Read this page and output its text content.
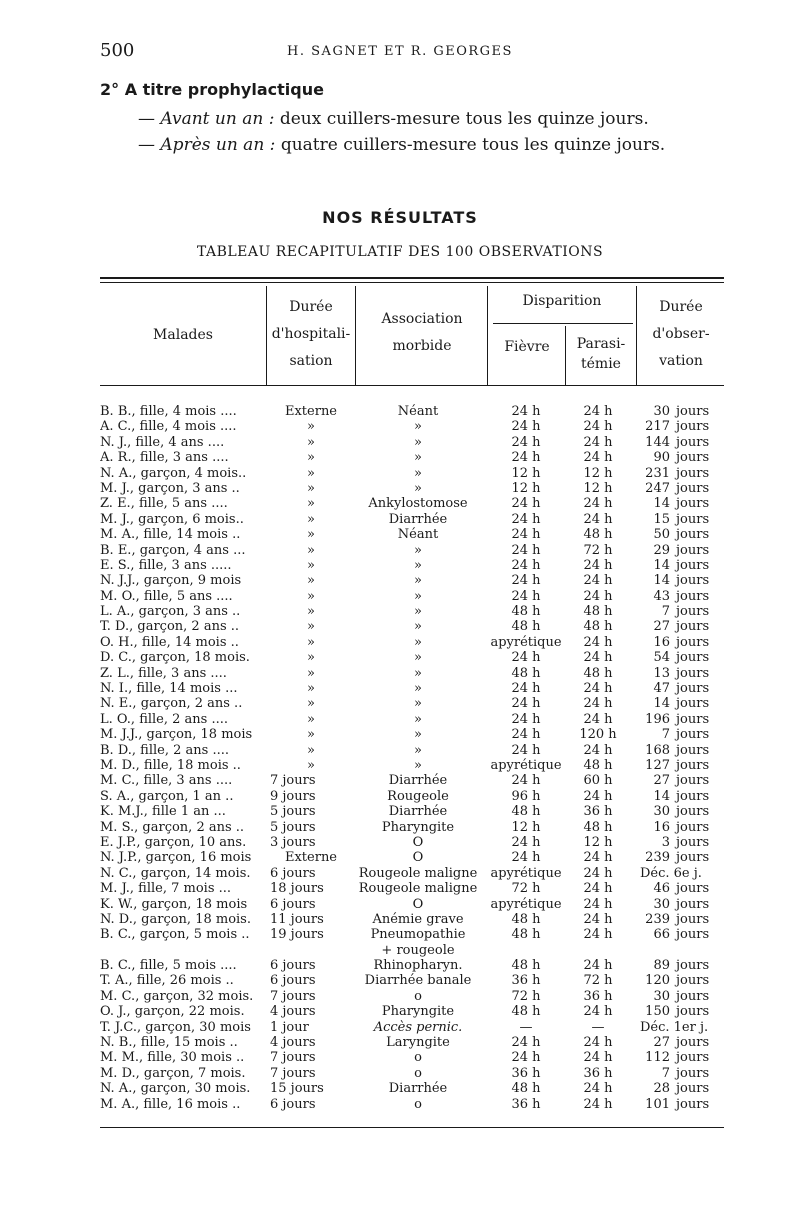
500	H. SAGNET ET R. GEORGES
2° A titre prophylactique
— Avant un an : deux cuillers-mesure tous les quinze jours.
— Après un an : quatre cuillers-mesure tous les quinze jours.
NOS RÉSULTATS
TABLEAU RECAPITULATIF DES 100 OBSERVATIONS
Malades
Durée
d'hospitali-
sation
Association
morbide
Disparition
Fièvre	Parasi-
témie
Durée
d'obser-
vation
B. B., fille, 4 mois ....	Externe	Néant	24 h	24 h	30 jours
A. C., fille, 4 mois ....	»	»	24 h	24 h	217 jours
N. J., fille, 4 ans ....	»	»	24 h	24 h	144 jours
A. R., fille, 3 ans ....	»	»	24 h	24 h	90 jours
N. A., garçon, 4 mois..	»	»	12 h	12 h	231 jours
M. J., garçon, 3 ans ..	»	»	12 h	12 h	247 jours
Z. E., fille, 5 ans ....	»	Ankylostomose	24 h	24 h	14 jours
M. J., garçon, 6 mois..	»	Diarrhée	24 h	24 h	15 jours
M. A., fille, 14 mois ..	»	Néant	24 h	48 h	50 jours
B. E., garçon, 4 ans ...	»	»	24 h	72 h	29 jours
E. S., fille, 3 ans .....	»	»	24 h	24 h	14 jours
N. J.J., garçon, 9 mois	»	»	24 h	24 h	14 jours
M. O., fille, 5 ans ....	»	»	24 h	24 h	43 jours
L. A., garçon, 3 ans ..	»	»	48 h	48 h	7 jours
T. D., garçon, 2 ans ..	»	»	48 h	48 h	27 jours
O. H., fille, 14 mois ..	»	»	apyrétique	24 h	16 jours
D. C., garçon, 18 mois.	»	»	24 h	24 h	54 jours
Z. L., fille, 3 ans ....	»	»	48 h	48 h	13 jours
N. I., fille, 14 mois ...	»	»	24 h	24 h	47 jours
N. E., garçon, 2 ans ..	»	»	24 h	24 h	14 jours
L. O., fille, 2 ans ....	»	»	24 h	24 h	196 jours
M. J.J., garçon, 18 mois	»	»	24 h	120 h	7 jours
B. D., fille, 2 ans ....	»	»	24 h	24 h	168 jours
M. D., fille, 18 mois ..	»	»	apyrétique	48 h	127 jours
M. C., fille, 3 ans ....	7 jours	Diarrhée	24 h	60 h	27 jours
S. A., garçon, 1 an ..	9 jours	Rougeole	96 h	24 h	14 jours
K. M.J., fille 1 an ...	5 jours	Diarrhée	48 h	36 h	30 jours
M. S., garçon, 2 ans ..	5 jours	Pharyngite	12 h	48 h	16 jours
E. J.P., garçon, 10 ans.	3 jours	O	24 h	12 h	3 jours
N. J.P., garçon, 16 mois	Externe	O	24 h	24 h	239 jours
N. C., garçon, 14 mois.	6 jours	Rougeole maligne	apyrétique	24 h	Déc. 6e j.
M. J., fille, 7 mois ...	18 jours	Rougeole maligne	72 h	24 h	46 jours
K. W., garçon, 18 mois	6 jours	O	apyrétique	24 h	30 jours
N. D., garçon, 18 mois.	11 jours	Anémie grave	48 h	24 h	239 jours
B. C., garçon, 5 mois ..	19 jours	Pneumopathie	48 h	24 h	66 jours
+ rougeole
B. C., fille, 5 mois ....	6 jours	Rhinopharyn.	48 h	24 h	89 jours
T. A., fille, 26 mois ..	6 jours	Diarrhée banale	36 h	72 h	120 jours
M. C., garçon, 32 mois.	7 jours	o	72 h	36 h	30 jours
O. J., garçon, 22 mois.	4 jours	Pharyngite	48 h	24 h	150 jours
T. J.C., garçon, 30 mois	1 jour	Accès pernic.	—	—	Déc. 1er j.
N. B., fille, 15 mois ..	4 jours	Laryngite	24 h	24 h	27 jours
M. M., fille, 30 mois ..	7 jours	o	24 h	24 h	112 jours
M. D., garçon, 7 mois.	7 jours	o	36 h	36 h	7 jours
N. A., garçon, 30 mois.	15 jours	Diarrhée	48 h	24 h	28 jours
M. A., fille, 16 mois ..	6 jours	o	36 h	24 h	101 jours
